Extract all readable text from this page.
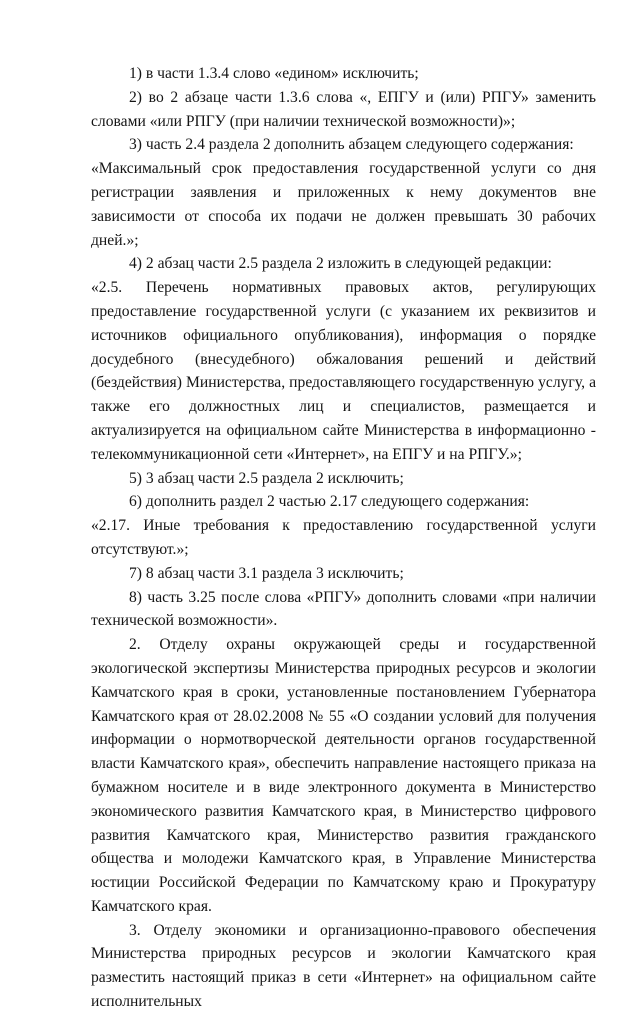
1) в части 1.3.4 слово «едином» исключить;

2) во 2 абзаце части 1.3.6 слова «, ЕПГУ и (или) РПГУ» заменить словами «или РПГУ (при наличии технической возможности)»;

3) часть 2.4 раздела 2 дополнить абзацем следующего содержания:

«Максимальный срок предоставления государственной услуги со дня регистрации заявления и приложенных к нему документов вне зависимости от способа их подачи не должен превышать 30 рабочих дней.»;

4) 2 абзац части 2.5 раздела 2 изложить в следующей редакции:

«2.5. Перечень нормативных правовых актов, регулирующих предоставление государственной услуги (с указанием их реквизитов и источников официального опубликования), информация о порядке досудебного (внесудебного) обжалования решений и действий (бездействия) Министерства, предоставляющего государственную услугу, а также его должностных лиц и специалистов, размещается и актуализируется на официальном сайте Министерства в информационно - телекоммуникационной сети «Интернет», на ЕПГУ и на РПГУ.»;

5) 3 абзац части 2.5 раздела 2 исключить;

6) дополнить раздел 2 частью 2.17 следующего содержания:

«2.17. Иные требования к предоставлению государственной услуги отсутствуют.»;

7) 8 абзац части 3.1 раздела 3 исключить;

8) часть 3.25 после слова «РПГУ» дополнить словами «при наличии технической возможности».

2. Отделу охраны окружающей среды и государственной экологической экспертизы Министерства природных ресурсов и экологии Камчатского края в сроки, установленные постановлением Губернатора Камчатского края от 28.02.2008 № 55 «О создании условий для получения информации о нормотворческой деятельности органов государственной власти Камчатского края», обеспечить направление настоящего приказа на бумажном носителе и в виде электронного документа в Министерство экономического развития Камчатского края, в Министерство цифрового развития Камчатского края, Министерство развития гражданского общества и молодежи Камчатского края, в Управление Министерства юстиции Российской Федерации по Камчатскому краю и Прокуратуру Камчатского края.

3. Отделу экономики и организационно-правового обеспечения Министерства природных ресурсов и экологии Камчатского края разместить настоящий приказ в сети «Интернет» на официальном сайте исполнительных
